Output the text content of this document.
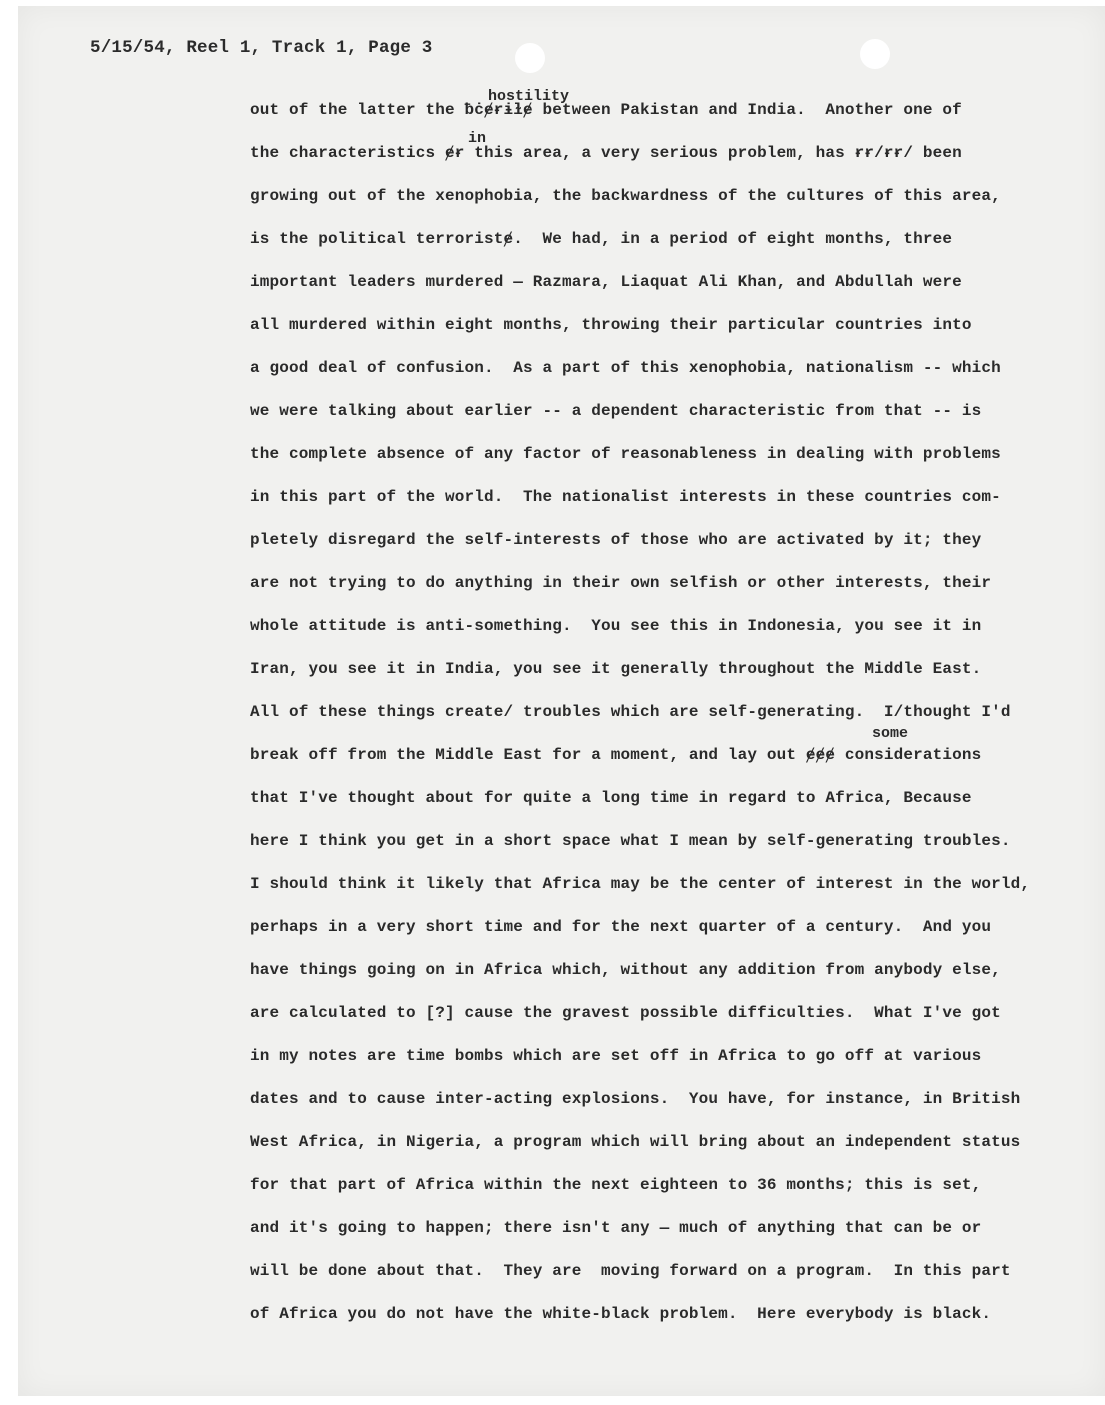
5/15/54, Reel 1, Track 1, Page 3
hostility
in
some
out of the latter the ƀċɇɍɨɫɇ between Pakistan and India.  Another one of
the characteristics ɇɍ this area, a very serious problem, has ɍɍ/ɍɍ/ been
growing out of the xenophobia, the backwardness of the cultures of this area,
is the political terroristɇ.  We had, in a period of eight months, three
important leaders murdered — Razmara, Liaquat Ali Khan, and Abdullah were
all murdered within eight months, throwing their particular countries into
a good deal of confusion.  As a part of this xenophobia, nationalism -- which
we were talking about earlier -- a dependent characteristic from that -- is
the complete absence of any factor of reasonableness in dealing with problems
in this part of the world.  The nationalist interests in these countries com-
pletely disregard the self-interests of those who are activated by it; they
are not trying to do anything in their own selfish or other interests, their
whole attitude is anti-something.  You see this in Indonesia, you see it in
Iran, you see it in India, you see it generally throughout the Middle East.
All of these things create/ troubles which are self-generating.  I/thought I'd
break off from the Middle East for a moment, and lay out ɇɇɇ considerations
that I've thought about for quite a long time in regard to Africa, Because
here I think you get in a short space what I mean by self-generating troubles.
I should think it likely that Africa may be the center of interest in the world,
perhaps in a very short time and for the next quarter of a century.  And you
have things going on in Africa which, without any addition from anybody else,
are calculated to [?] cause the gravest possible difficulties.  What I've got
in my notes are time bombs which are set off in Africa to go off at various
dates and to cause inter-acting explosions.  You have, for instance, in British
West Africa, in Nigeria, a program which will bring about an independent status
for that part of Africa within the next eighteen to 36 months; this is set,
and it's going to happen; there isn't any — much of anything that can be or
will be done about that.  They are  moving forward on a program.  In this part
of Africa you do not have the white-black problem.  Here everybody is black.
